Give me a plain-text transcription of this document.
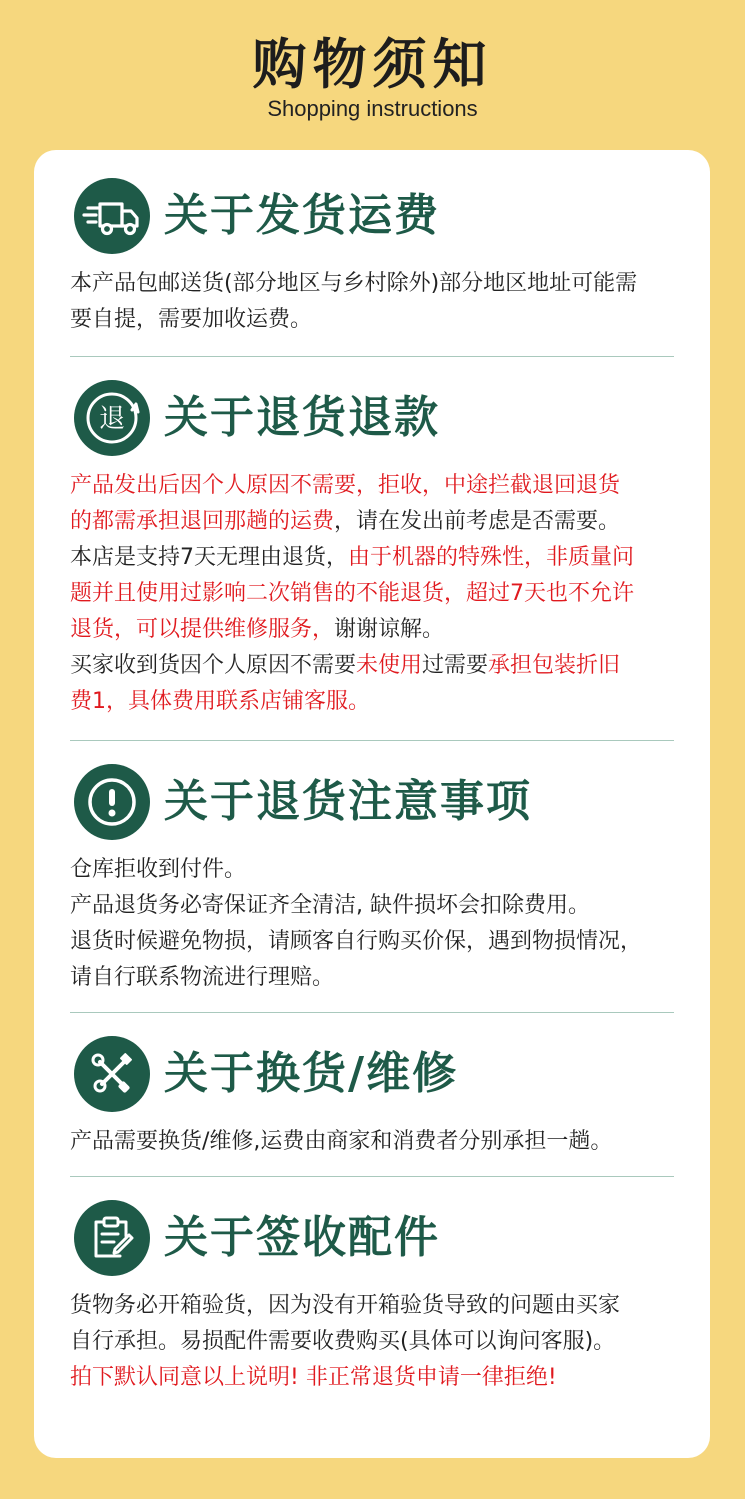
购物须知
Shopping instructions
关于发货运费

本产品包邮送货(部分地区与乡村除外)部分地区地址可能需

要自提，需要加收运费。

退 关于退货退款

产品发出后因个人原因不需要，拒收，中途拦截退回退货

的都需承担退回那趟的运费，请在发出前考虑是否需要。

本店是支持7天无理由退货，由于机器的特殊性，非质量问

题并且使用过影响二次销售的不能退货，超过7天也不允许

退货，可以提供维修服务，谢谢谅解。

买家收到货因个人原因不需要未使用过需要承担包装折旧

费1，具体费用联系店铺客服。

关于退货注意事项

仓库拒收到付件。

产品退货务必寄保证齐全清洁, 缺件损坏会扣除费用。

退货时候避免物损，请顾客自行购买价保，遇到物损情况，

请自行联系物流进行理赔。

关于换货/维修

产品需要换货/维修,运费由商家和消费者分别承担一趟。

关于签收配件

货物务必开箱验货，因为没有开箱验货导致的问题由买家

自行承担。易损配件需要收费购买(具体可以询问客服)。

拍下默认同意以上说明! 非正常退货申请一律拒绝!
